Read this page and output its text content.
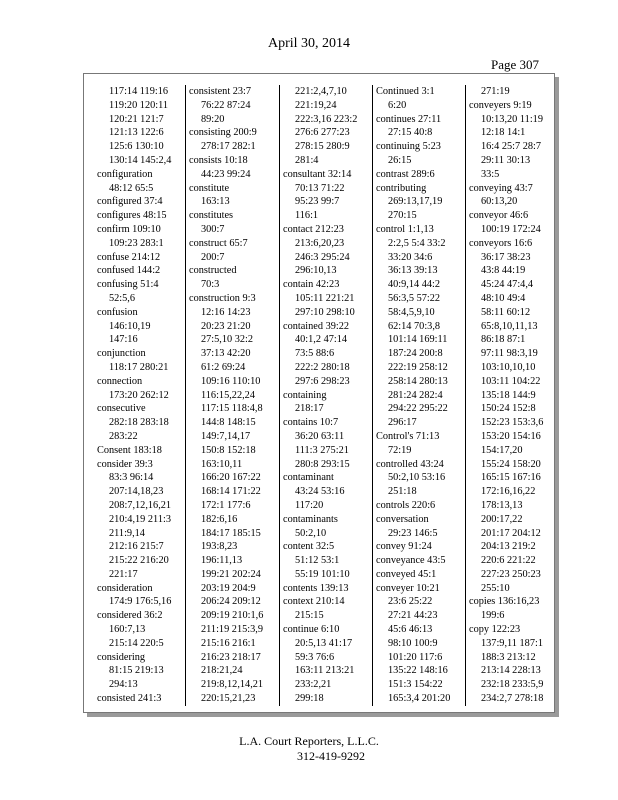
April 30, 2014
Page 307
117:14 119:16
119:20 120:11
120:21 121:7
121:13 122:6
125:6 130:10
130:14 145:2,4
configuration
48:12 65:5
configured 37:4
configures 48:15
confirm 109:10
109:23 283:1
confuse 214:12
confused 144:2
confusing 51:4
52:5,6
confusion
146:10,19
147:16
conjunction
118:17 280:21
connection
173:20 262:12
consecutive
282:18 283:18
283:22
Consent 183:18
consider 39:3
83:3 96:14
207:14,18,23
208:7,12,16,21
210:4,19 211:3
211:9,14
212:16 215:7
215:22 216:20
221:17
consideration
174:9 176:5,16
considered 36:2
160:7,13
215:14 220:5
considering
81:15 219:13
294:13
consisted 241:3
consistent 23:7
76:22 87:24
89:20
consisting 200:9
278:17 282:1
consists 10:18
44:23 99:24
constitute
163:13
constitutes
300:7
construct 65:7
200:7
constructed
70:3
construction 9:3
12:16 14:23
20:23 21:20
27:5,10 32:2
37:13 42:20
61:2 69:24
109:16 110:10
116:15,22,24
117:15 118:4,8
144:8 148:15
149:7,14,17
150:8 152:18
163:10,11
166:20 167:22
168:14 171:22
172:1 177:6
182:6,16
184:17 185:15
193:8,23
196:11,13
199:21 202:24
203:19 204:9
206:24 209:12
209:19 210:1,6
211:19 215:3,9
215:16 216:1
216:23 218:17
218:21,24
219:8,12,14,21
220:15,21,23
221:2,4,7,10
221:19,24
222:3,16 223:2
276:6 277:23
278:15 280:9
281:4
consultant 32:14
70:13 71:22
95:23 99:7
116:1
contact 212:23
213:6,20,23
246:3 295:24
296:10,13
contain 42:23
105:11 221:21
297:10 298:10
contained 39:22
40:1,2 47:14
73:5 88:6
222:2 280:18
297:6 298:23
containing
218:17
contains 10:7
36:20 63:11
111:3 275:21
280:8 293:15
contaminant
43:24 53:16
117:20
contaminants
50:2,10
content 32:5
51:12 53:1
55:19 101:10
contents 139:13
context 210:14
215:15
continue 6:10
20:5,13 41:17
59:3 76:6
163:11 213:21
233:2,21
299:18
Continued 3:1
6:20
continues 27:11
27:15 40:8
continuing 5:23
26:15
contrast 289:6
contributing
269:13,17,19
270:15
control 1:1,13
2:2,5 5:4 33:2
33:20 34:6
36:13 39:13
40:9,14 44:2
56:3,5 57:22
58:4,5,9,10
62:14 70:3,8
101:14 169:11
187:24 200:8
222:19 258:12
258:14 280:13
281:24 282:4
294:22 295:22
296:17
Control's 71:13
72:19
controlled 43:24
50:2,10 53:16
251:18
controls 220:6
conversation
29:23 146:5
convey 91:24
conveyance 43:5
conveyed 45:1
conveyer 10:21
23:6 25:22
27:21 44:23
45:6 46:13
98:10 100:9
101:20 117:6
135:22 148:16
151:3 154:22
165:3,4 201:20
271:19
conveyers 9:19
10:13,20 11:19
12:18 14:1
16:4 25:7 28:7
29:11 30:13
33:5
conveying 43:7
60:13,20
conveyor 46:6
100:19 172:24
conveyors 16:6
36:17 38:23
43:8 44:19
45:24 47:4,4
48:10 49:4
58:11 60:12
65:8,10,11,13
86:18 87:1
97:11 98:3,19
103:10,10,10
103:11 104:22
135:18 144:9
150:24 152:8
152:23 153:3,6
153:20 154:16
154:17,20
155:24 158:20
165:15 167:16
172:16,16,22
178:13,13
200:17,22
201:17 204:12
204:13 219:2
220:6 221:22
227:23 250:23
255:10
copies 136:16,23
199:6
copy 122:23
137:9,11 187:1
188:3 213:12
213:14 228:13
232:18 233:5,9
234:2,7 278:18
L.A. Court Reporters, L.L.C.
312-419-9292
